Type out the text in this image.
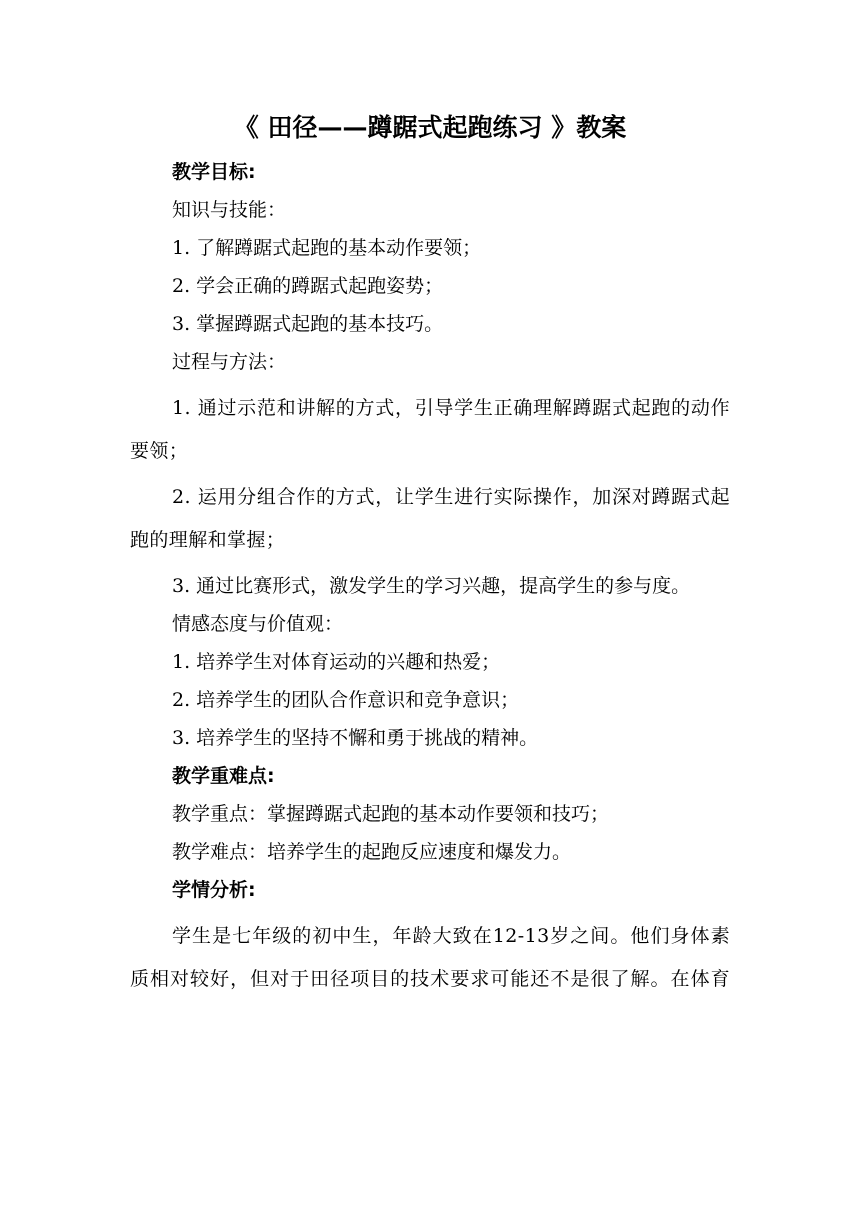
《 田径——蹲踞式起跑练习 》教案
教学目标:
知识与技能：
1. 了解蹲踞式起跑的基本动作要领；
2. 学会正确的蹲踞式起跑姿势；
3. 掌握蹲踞式起跑的基本技巧。
过程与方法：
1. 通过示范和讲解的方式，引导学生正确理解蹲踞式起跑的动作要领；
2. 运用分组合作的方式，让学生进行实际操作，加深对蹲踞式起跑的理解和掌握；
3. 通过比赛形式，激发学生的学习兴趣，提高学生的参与度。
情感态度与价值观：
1. 培养学生对体育运动的兴趣和热爱；
2. 培养学生的团队合作意识和竞争意识；
3. 培养学生的坚持不懈和勇于挑战的精神。
教学重难点:
教学重点：掌握蹲踞式起跑的基本动作要领和技巧；
教学难点：培养学生的起跑反应速度和爆发力。
学情分析:
学生是七年级的初中生，年龄大致在12-13岁之间。他们身体素质相对较好，但对于田径项目的技术要求可能还不是很了解。在体育
